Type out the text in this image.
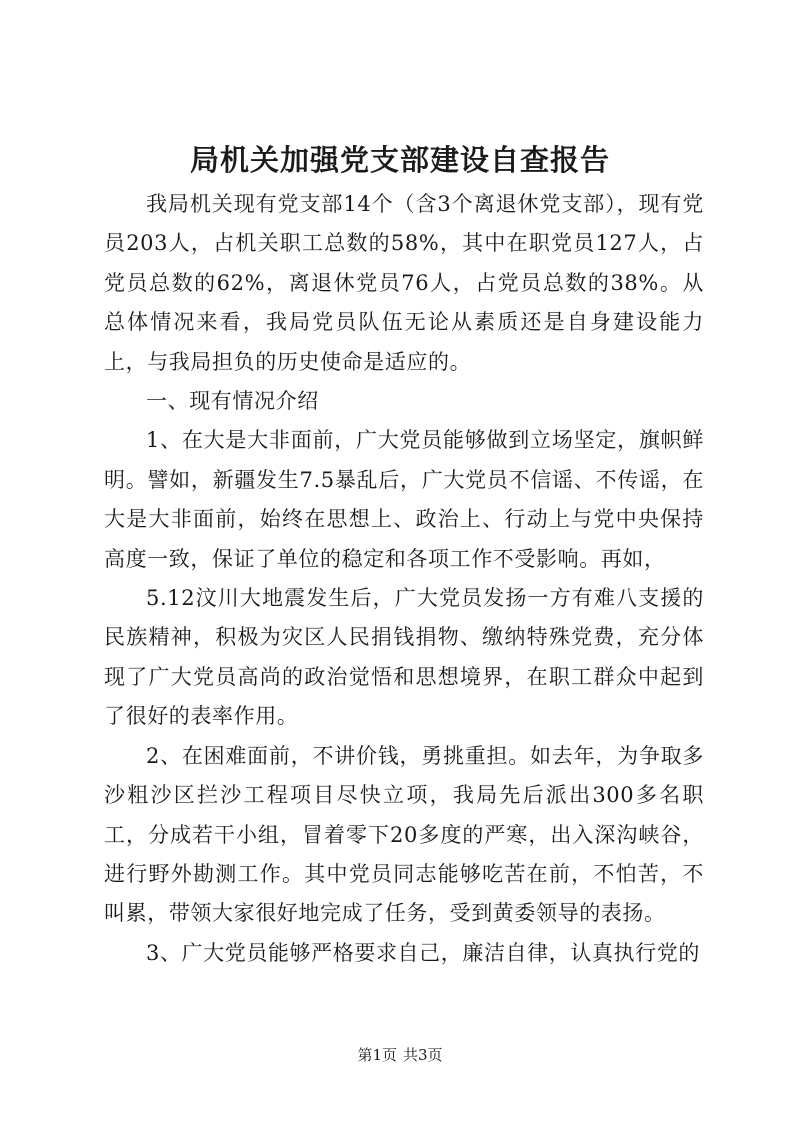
局机关加强党支部建设自查报告

我局机关现有党支部14个（含3个离退休党支部），现有党员203人，占机关职工总数的58%，其中在职党员127人，占党员总数的62%，离退休党员76人，占党员总数的38%。从总体情况来看，我局党员队伍无论从素质还是自身建设能力上，与我局担负的历史使命是适应的。

一、现有情况介绍

1、在大是大非面前，广大党员能够做到立场坚定，旗帜鲜明。譬如，新疆发生7.5暴乱后，广大党员不信谣、不传谣，在大是大非面前，始终在思想上、政治上、行动上与党中央保持高度一致，保证了单位的稳定和各项工作不受影响。再如，

5.12汶川大地震发生后，广大党员发扬一方有难八支援的民族精神，积极为灾区人民捐钱捐物、缴纳特殊党费，充分体现了广大党员高尚的政治觉悟和思想境界，在职工群众中起到了很好的表率作用。

2、在困难面前，不讲价钱，勇挑重担。如去年，为争取多沙粗沙区拦沙工程项目尽快立项，我局先后派出300多名职工，分成若干小组，冒着零下20多度的严寒，出入深沟峡谷，进行野外勘测工作。其中党员同志能够吃苦在前，不怕苦，不叫累，带领大家很好地完成了任务，受到黄委领导的表扬。

3、广大党员能够严格要求自己，廉洁自律，认真执行党的

第1页 共3页
